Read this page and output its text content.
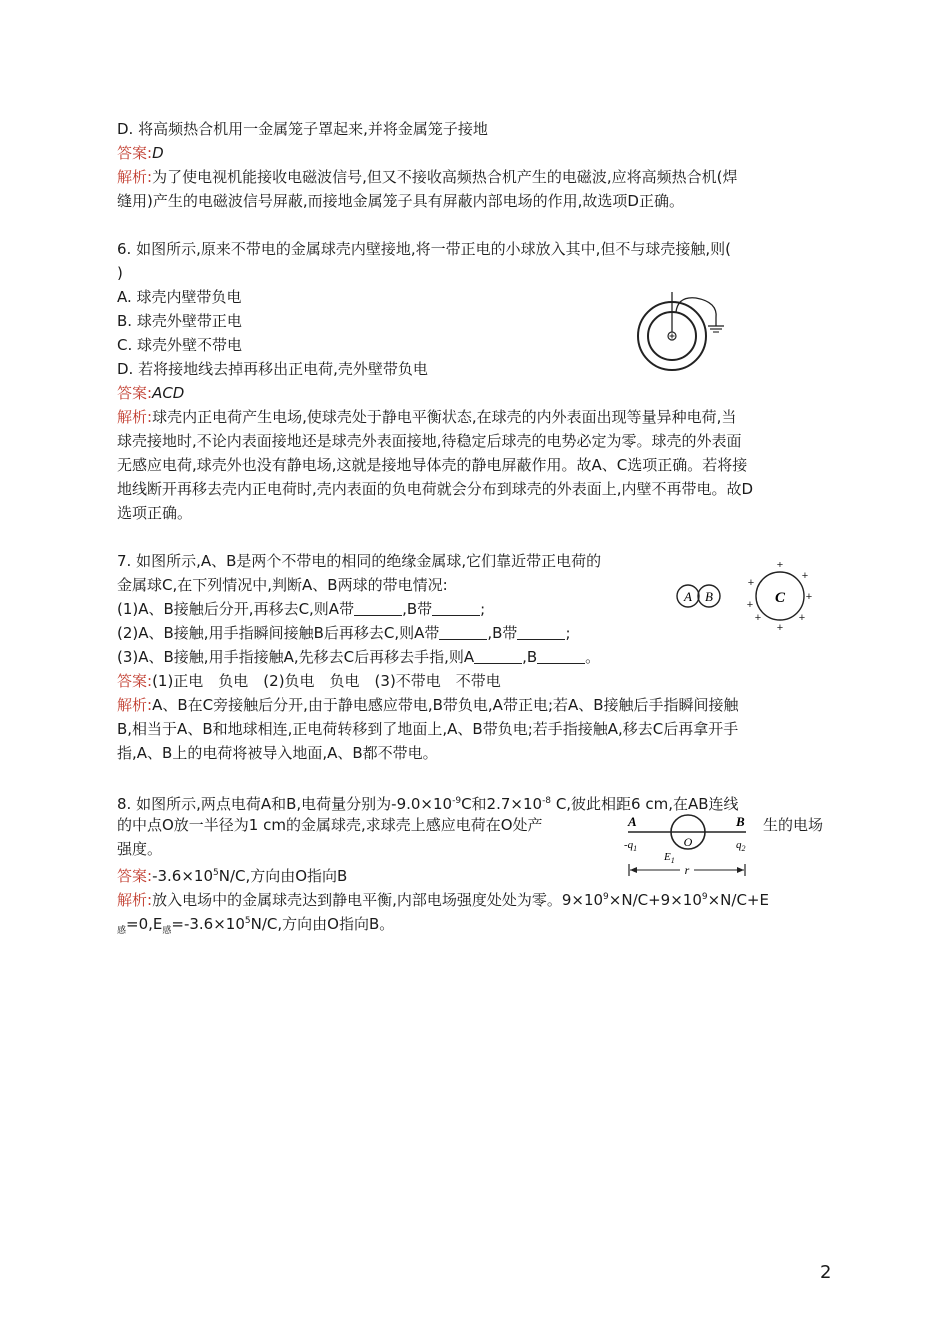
D. 将高频热合机用一金属笼子罩起来,并将金属笼子接地
答案:D
解析:为了使电视机能接收电磁波信号,但又不接收高频热合机产生的电磁波,应将高频热合机(焊
缝用)产生的电磁波信号屏蔽,而接地金属笼子具有屏蔽内部电场的作用,故选项D正确。
6. 如图所示,原来不带电的金属球壳内壁接地,将一带正电的小球放入其中,但不与球壳接触,则(
)
A. 球壳内壁带负电
B. 球壳外壁带正电
C. 球壳外壁不带电
D. 若将接地线去掉再移出正电荷,壳外壁带负电
答案:ACD
解析:球壳内正电荷产生电场,使球壳处于静电平衡状态,在球壳的内外表面出现等量异种电荷,当
球壳接地时,不论内表面接地还是球壳外表面接地,待稳定后球壳的电势必定为零。球壳的外表面
无感应电荷,球壳外也没有静电场,这就是接地导体壳的静电屏蔽作用。故A、C选项正确。若将接
地线断开再移去壳内正电荷时,壳内表面的负电荷就会分布到球壳的外表面上,内壁不再带电。故D
选项正确。
7. 如图所示,A、B是两个不带电的相同的绝缘金属球,它们靠近带正电荷的
金属球C,在下列情况中,判断A、B两球的带电情况:
(1)A、B接触后分开,再移去C,则A带	,B带	;
(2)A、B接触,用手指瞬间接触B后再移去C,则A带	,B带	;
(3)A、B接触,用手指接触A,先移去C后再移去手指,则A	,B	。
答案:(1)正电　负电　(2)负电　负电　(3)不带电　不带电
解析:A、B在C旁接触后分开,由于静电感应带电,B带负电,A带正电;若A、B接触后手指瞬间接触
B,相当于A、B和地球相连,正电荷转移到了地面上,A、B带负电;若手指接触A,移去C后再拿开手
指,A、B上的电荷将被导入地面,A、B都不带电。
A B	C
+
+
+
+
+
+
+
+
8. 如图所示,两点电荷A和B,电荷量分别为$-9.0\times 10^{-9}C$和$2.7\times 10^{-8}$ C,彼此相距6 cm,在AB连线
的中点O放一半径为1 cm的金属球壳,求球壳上感应电荷在O处产	生的电场
强度。
答案$:-3.6\times 10^5N/C$,方向由O指向B
解析:放入电场中的金属球壳达到静电平衡,内部电场强度处处为零。$9\times 10^9\times N/C+9\times 10^9\times N/C+E$
$_感=0,E_感=-3.6\times 10^5N/C$,方向由O指向B。
A	B
$-q_1$	$q_2$
O
$E_1$
r
2
